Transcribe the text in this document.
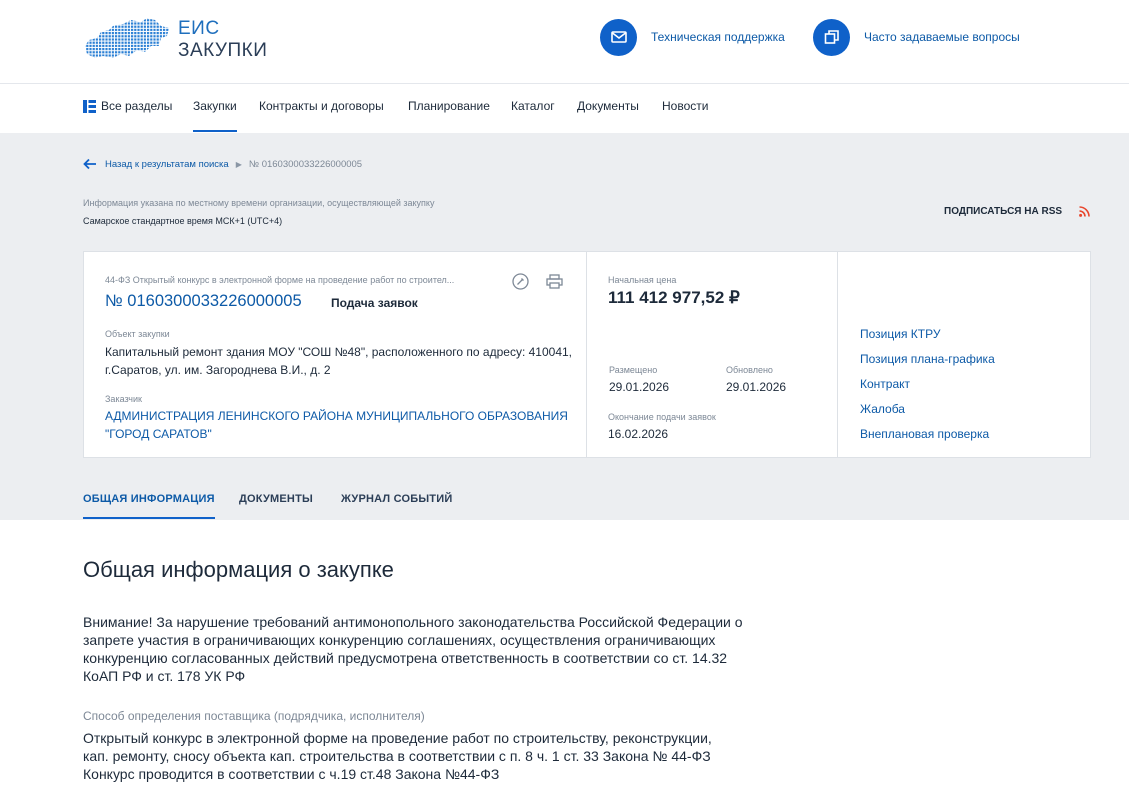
ЕИС
ЗАКУПКИ
Техническая поддержка	Часто задаваемые вопросы
Все разделы Закупки Контракты и договоры Планирование Каталог Документы Новости
Назад к результатам поиска ▶ № 0160300033226000005
Информация указана по местному времени организации, осуществляющей закупку
Самарское стандартное время МСК+1 (UTC+4)
ПОДПИСАТЬСЯ НА RSS
44-ФЗ Открытый конкурс в электронной форме на проведение работ по строител...
№ 0160300033226000005 Подача заявок
Объект закупки
Капитальный ремонт здания МОУ "СОШ №48", расположенного по адресу: 410041,
г.Саратов, ул. им. Загороднева В.И., д. 2
Заказчик
АДМИНИСТРАЦИЯ ЛЕНИНСКОГО РАЙОНА МУНИЦИПАЛЬНОГО ОБРАЗОВАНИЯ
"ГОРОД САРАТОВ"
Начальная цена
111 412 977,52 ₽
Размещено
29.01.2026
Обновлено
29.01.2026
Окончание подачи заявок
16.02.2026
Позиция КТРУ
Позиция плана-графика
Контракт
Жалоба
Внеплановая проверка
ОБЩАЯ ИНФОРМАЦИЯ ДОКУМЕНТЫ	ЖУРНАЛ СОБЫТИЙ
Общая информация о закупке
Внимание! За нарушение требований антимонопольного законодательства Российской Федерации о запрете участия в ограничивающих конкуренцию соглашениях, осуществления ограничивающих конкуренцию согласованных действий предусмотрена ответственность в соответствии со ст. 14.32 КоАП РФ и ст. 178 УК РФ
Способ определения поставщика (подрядчика, исполнителя)
Открытый конкурс в электронной форме на проведение работ по строительству, реконструкции,
кап. ремонту, сносу объекта кап. строительства в соответствии с п. 8 ч. 1 ст. 33 Закона № 44-ФЗ
Конкурс проводится в соответствии с ч.19 ст.48 Закона №44-ФЗ
